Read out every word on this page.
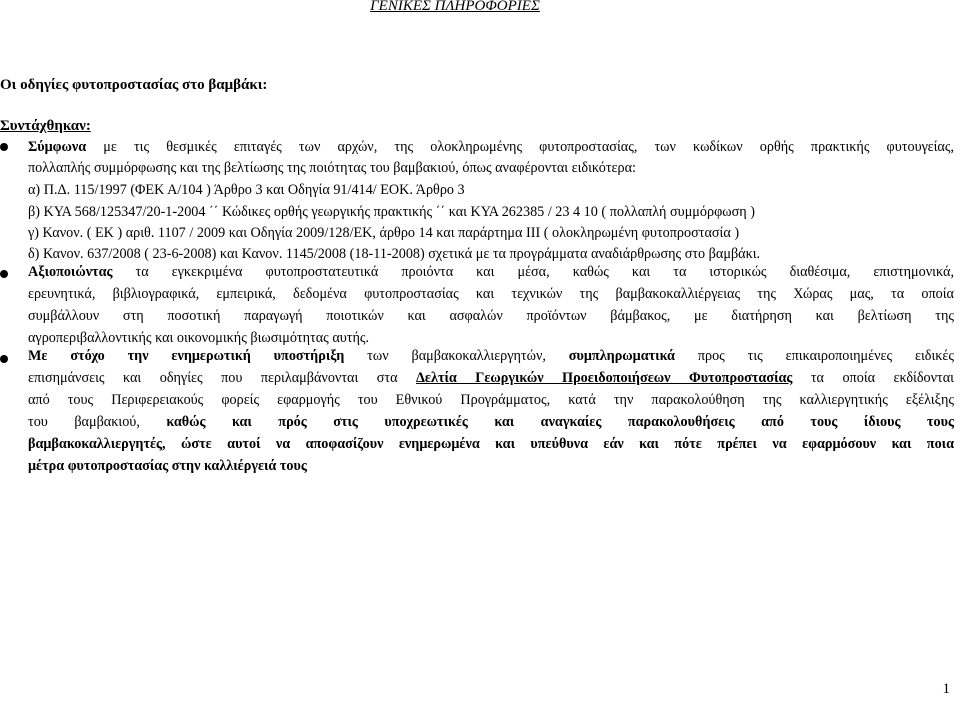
ΓΕΝΙΚΕΣ ΠΛΗΡΟΦΟΡΙΕΣ
Οι οδηγίες φυτοπροστασίας στο βαμβάκι:
Συντάχθηκαν:
Σύμφωνα με τις θεσμικές επιταγές των αρχών, της ολοκληρωμένης φυτοπροστασίας, των κωδίκων ορθής πρακτικής φυτουγείας,
πολλαπλής συμμόρφωσης και της βελτίωσης της ποιότητας του βαμβακιού, όπως αναφέρονται ειδικότερα:
α) Π.Δ. 115/1997 (ΦΕΚ Α/104 ) Άρθρο 3 και Οδηγία 91/414/ ΕΟΚ. Άρθρο 3
β) ΚΥΑ 568/125347/20-1-2004 ΄΄ Κώδικες ορθής γεωργικής πρακτικής ΄΄ και ΚΥΑ 262385 / 23 4 10 ( πολλαπλή συμμόρφωση )
γ) Κανον. ( ΕΚ ) αριθ. 1107 / 2009 και Οδηγία 2009/128/ΕΚ, άρθρο 14 και παράρτημα ΙΙΙ ( ολοκληρωμένη φυτοπροστασία )
δ) Κανον. 637/2008 ( 23-6-2008) και Κανον. 1145/2008 (18-11-2008) σχετικά με τα προγράμματα αναδιάρθρωσης στο βαμβάκι.
Αξιοποιώντας τα εγκεκριμένα φυτοπροστατευτικά προιόντα και μέσα, καθώς και τα ιστορικώς διαθέσιμα, επιστημονικά,
ερευνητικά, βιβλιογραφικά, εμπειρικά, δεδομένα φυτοπροστασίας και τεχνικών της βαμβακοκαλλιέργειας της Χώρας μας, τα οποία
συμβάλλουν στη ποσοτική παραγωγή ποιοτικών και ασφαλών προϊόντων βάμβακος, με διατήρηση και βελτίωση της
αγροπεριβαλλοντικής και οικονομικής βιωσιμότητας αυτής.
Με στόχο την ενημερωτική υποστήριξη των βαμβακοκαλλιεργητών, συμπληρωματικά προς τις επικαιροποιημένες ειδικές
επισημάνσεις και οδηγίες που περιλαμβάνονται στα Δελτία Γεωργικών Προειδοποιήσεων Φυτοπροστασίας τα οποία εκδίδονται
από τους Περιφερειακούς φορείς εφαρμογής του Εθνικού Προγράμματος, κατά την παρακολούθηση της καλλιεργητικής εξέλιξης
του βαμβακιού, καθώς και πρός στις υποχρεωτικές και αναγκαίες παρακολουθήσεις από τους ίδιους τους
βαμβακοκαλλιεργητές, ώστε αυτοί να αποφασίζουν ενημερωμένα και υπεύθυνα εάν και πότε πρέπει να εφαρμόσουν και ποια
μέτρα φυτοπροστασίας στην καλλιέργειά τους
1
